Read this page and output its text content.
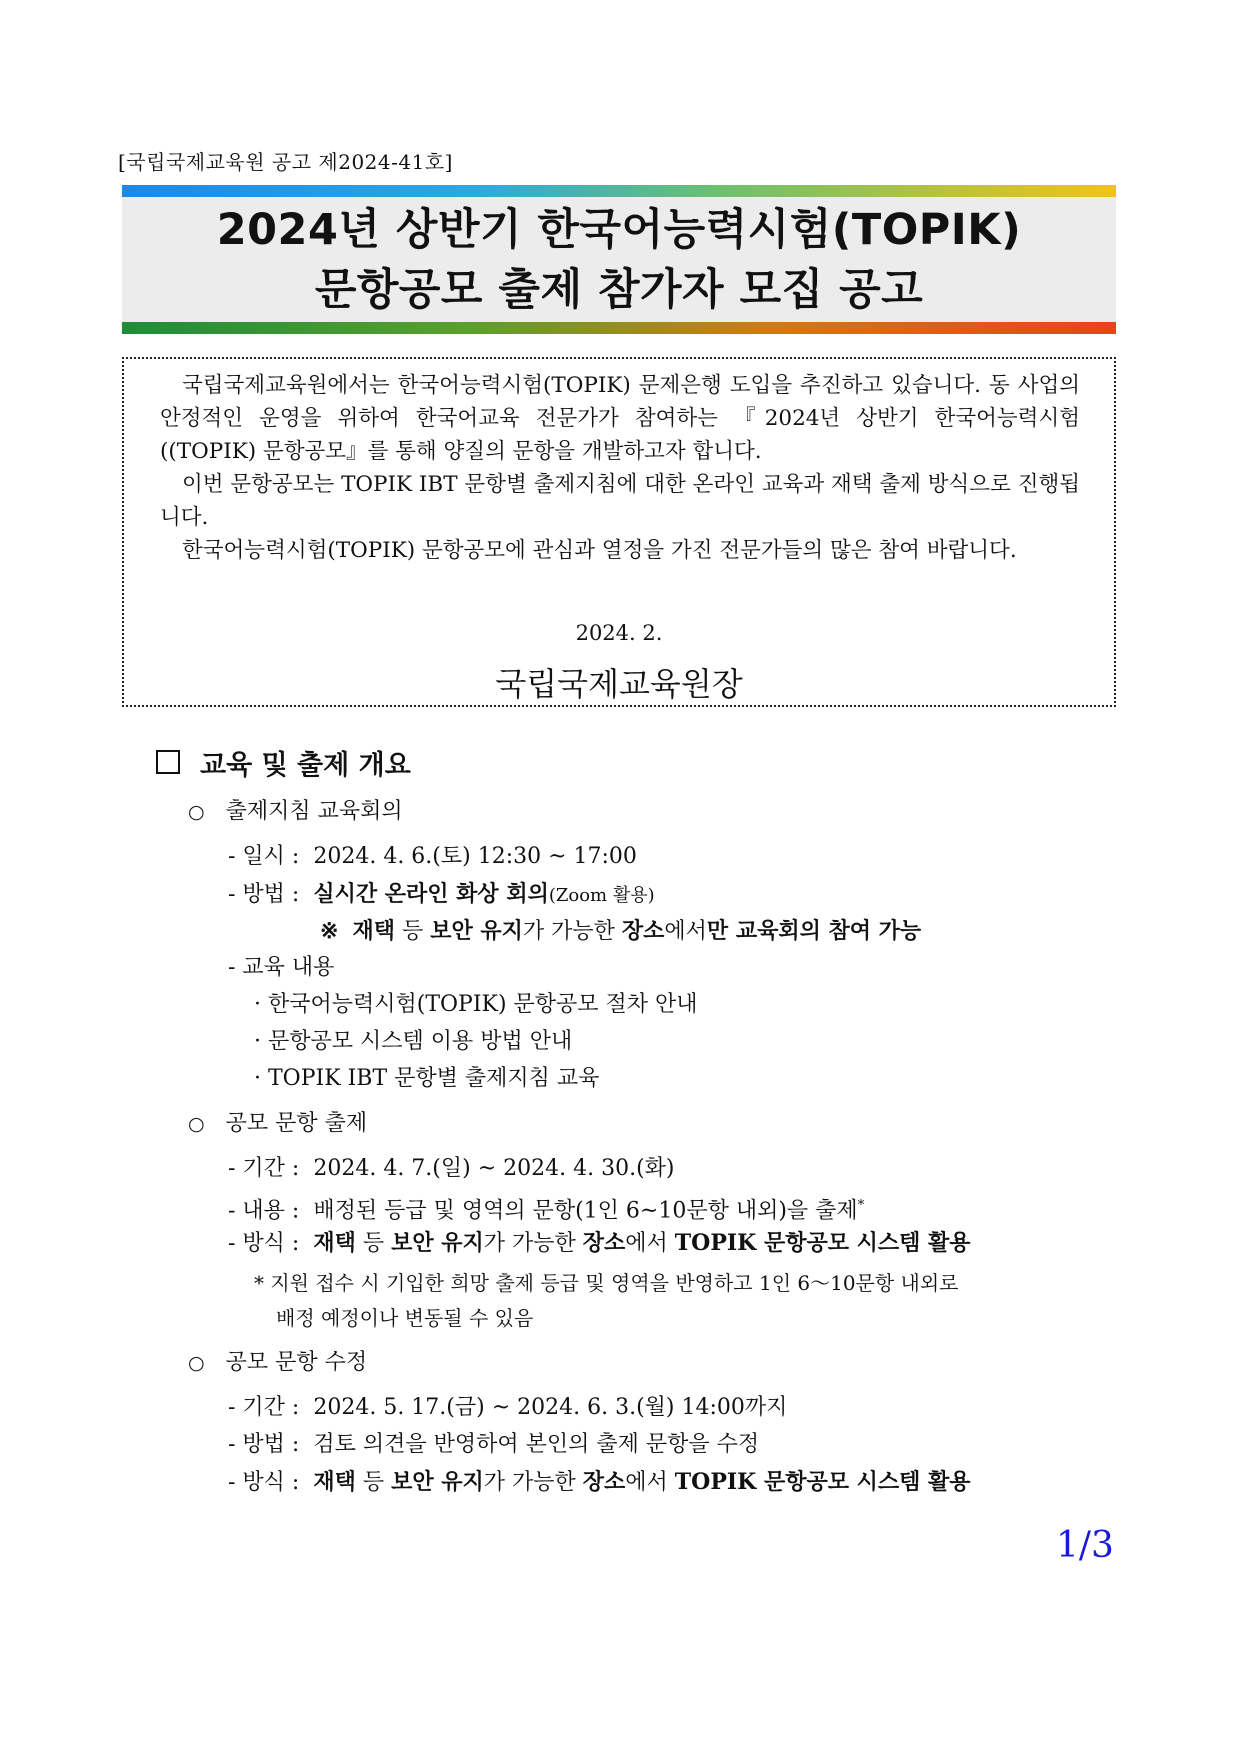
[국립국제교육원 공고 제2024-41호]
2024년 상반기 한국어능력시험(TOPIK)
문항공모 출제 참가자 모집 공고

국립국제교육원에서는 한국어능력시험(TOPIK) 문제은행 도입을 추진하고 있습니다. 동 사업의 안정적인 운영을 위하여 한국어교육 전문가가 참여하는 『2024년 상반기 한국어능력시험((TOPIK) 문항공모』를 통해 양질의 문항을 개발하고자 합니다.

이번 문항공모는 TOPIK IBT 문항별 출제지침에 대한 온라인 교육과 재택 출제 방식으로 진행됩니다.

한국어능력시험(TOPIK) 문항공모에 관심과 열정을 가진 전문가들의 많은 참여 바랍니다.

2024. 2.
국립국제교육원장
교육 및 출제 개요
○ 출제지침 교육회의
- 일시 : 2024. 4. 6.(토) 12:30 ~ 17:00
- 방법 : 실시간 온라인 화상 회의(Zoom 활용)
※ 재택 등 보안 유지가 가능한 장소에서만 교육회의 참여 가능
- 교육 내용
· 한국어능력시험(TOPIK) 문항공모 절차 안내
· 문항공모 시스템 이용 방법 안내
· TOPIK IBT 문항별 출제지침 교육
○ 공모 문항 출제
- 기간 : 2024. 4. 7.(일) ~ 2024. 4. 30.(화)
- 내용 : 배정된 등급 및 영역의 문항(1인 6~10문항 내외)을 출제*
- 방식 : 재택 등 보안 유지가 가능한 장소에서 TOPIK 문항공모 시스템 활용
* 지원 접수 시 기입한 희망 출제 등급 및 영역을 반영하고 1인 6～10문항 내외로
배정 예정이나 변동될 수 있음
○ 공모 문항 수정
- 기간 : 2024. 5. 17.(금) ~ 2024. 6. 3.(월) 14:00까지
- 방법 : 검토 의견을 반영하여 본인의 출제 문항을 수정
- 방식 : 재택 등 보안 유지가 가능한 장소에서 TOPIK 문항공모 시스템 활용
1/3
